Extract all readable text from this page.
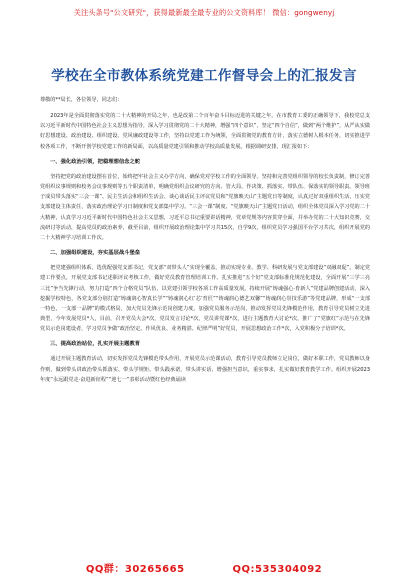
关注头条号"公文研究"，获得最新最全最专业的公文资料库！ 微信：gongwenyj
学校在全市教体系统党建工作督导会上的汇报发言

尊敬的**局长，各位领导，同志们：

2023年是全面贯彻落实党的二十大精神的开局之年，也是改第二个百年奋斗目标迈进的关键之年。在市教育工委的正确领导下，我校党总支以习近平新时代中国特色社会主义思想为指导，深入学习贯彻党的二十大精神，增强“四个意识”，坚定“四个自信”，做到“两个维护”，从严从实做好思想建设、政治建设、组织建设、党风廉政建设等工作，坚持以党建工作为统领，全面贯彻党的教育方针，落实立德树人根本任务，切实推进学校各项工作，不断开创学校党建工作的新局面，以高质量党建引领和推动学校高质量发展。根据调研安排，现汇报如下：

一、强化政治引领，把稳理想信念之舵

坚持把党的政治建设摆在首位，始终把牢社会主义办学方向，确保党对学校工作的全面领导。坚持和完善党组织领导的校长负责制，修订完善党组织议事规则和校务会议事规则等五个职责清单，明确党组织会议研究的方向、管大局、作决策、抓落实、带队伍、保落实的领导职责。领导班子成员带头落实“三会一课”、民主生活会和组织生活会、谈心谈话民主评议党员和“党旗映天山”主题党日等制度，认真过好双重组织生活，压实党支部建设主体责任，落实政治理论学习日制度和党支部集中学习。“三会一课”制度、“党旗映天山”主题党日活动，组织全体党员深入学习党的二十大精神，认真学习习近平新时代中国特色社会主义思想，习近平总书记重要讲话精神，党章党规等内容贯穿全面，并举办党的二十大知识竞赛，交流研讨等活动，提高党员的政治素养，截至目前，组织开展政治理论集中学习共15次，自学9次，组织党员学习强国平台学习共次，组织开展党的二十大精神学习培训工作次。

二、加强组织建设，夯实基层战斗堡垒

把党建强组织体系，选优配强党支部书记，党支部“双带头人”实现全覆盖，推动实现专业、教学、科研发展与党支部建设“双融双促”。制定党建工作要点，开展党支部书记述职评议考核工作，做好党员教育管理培训工作。扎实推进“五个好”党支部标准化规范化建设，全面开展“三学三亮三比”争当先锋行动，努力打造“四个合格党员”队伍，以党建引领学校各项工作高质量发展。持续开展“铸魂强心·育新人”党建品牌创建活动，深入挖掘学校特色，各党支部分别打造“铸魂润心智真长学”“铸魂润心红‘芯’育匠”“铸魂润心德艺双馨”“铸魂润心崇技乐游”等党建品牌，形成“一支部一特色，一支部一品牌”的模式格局，加大党员先锋示范岗创建力度，加强党员服务示范岗，推动发挥党员先锋模范作用，教育引导党员树立先进典型，今年发展党员*人，目前，召开党员大会*次，党员发言讨论*次，党员讲党课*次，进行主题教育大讨论*次，推广了“党旗红”示范与在先锋党员示范岗建设者，学习党员争做“政治坚定、作风优良、业务精湛、纪律严明”好党员，开展思想政治工作*次，入党积极分子培训*次。

三、提高政治站位，扎实开展主题教育

通过开展主题教育活动，切实发挥党员先锋模范带头作用，开展党员示范课活动，教育引导党员教师立足岗位，做好本职工作，党员教师以身作则，做到带头讲政治带头抓落实、带头学规矩、带头践承诺，带头讲实话、增强担当意识，重实事求，扎实做好教育教学工作。组织开展2023年度“永远跟党走·奋进新征程”“迎七一”表彰活动暨红色经典诵读

QQ群：30265665	QQ:535304092
